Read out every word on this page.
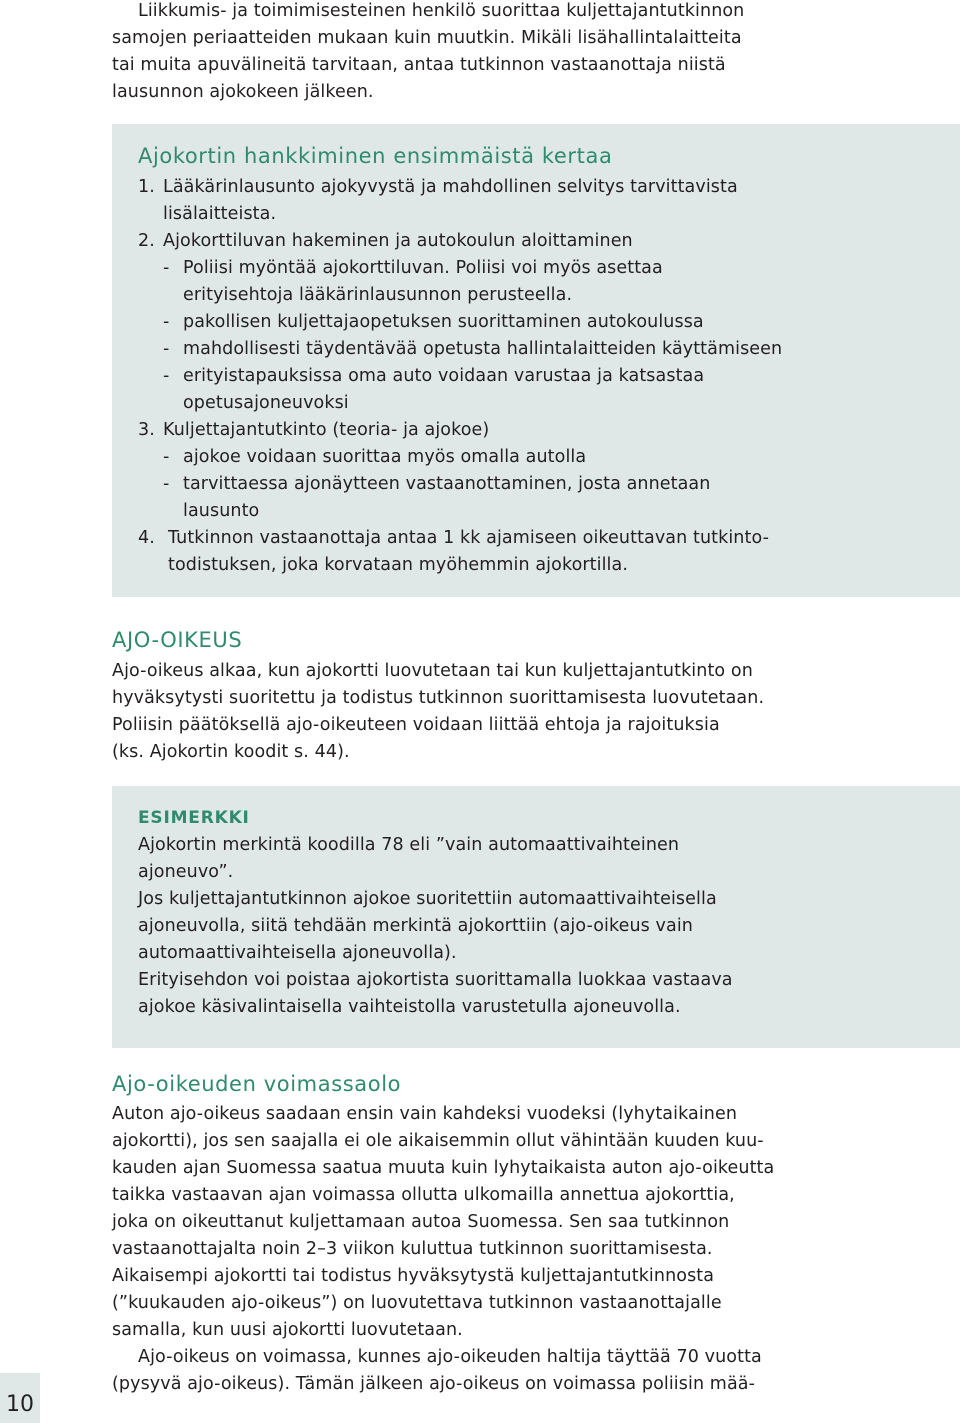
Liikkumis- ja toimimisesteinen henkilö suorittaa kuljettajantutkinnon
samojen periaatteiden mukaan kuin muutkin. Mikäli lisähallintalaitteita
tai muita apuvälineitä tarvitaan, antaa tutkinnon vastaanottaja niistä
lausunnon ajokokeen jälkeen.
Ajokortin hankkiminen ensimmäistä kertaa
1. Lääkärinlausunto ajokyvystä ja mahdollinen selvitys tarvittavista
lisälaitteista.
2. Ajokorttiluvan hakeminen ja autokoulun aloittaminen
- Poliisi myöntää ajokorttiluvan. Poliisi voi myös asettaa
erityisehtoja lääkärinlausunnon perusteella.
- pakollisen kuljettajaopetuksen suorittaminen autokoulussa
- mahdollisesti täydentävää opetusta hallintalaitteiden käyttämiseen
- erityistapauksissa oma auto voidaan varustaa ja katsastaa
opetusajoneuvoksi
3. Kuljettajantutkinto (teoria- ja ajokoe)
- ajokoe voidaan suorittaa myös omalla autolla
- tarvittaessa ajonäytteen vastaanottaminen, josta annetaan
lausunto
4. Tutkinnon vastaanottaja antaa 1 kk ajamiseen oikeuttavan tutkinto-
todistuksen, joka korvataan myöhemmin ajokortilla.
AJO-OIKEUS
Ajo-oikeus alkaa, kun ajokortti luovutetaan tai kun kuljettajantutkinto on
hyväksytysti suoritettu ja todistus tutkinnon suorittamisesta luovutetaan.
Poliisin päätöksellä ajo-oikeuteen voidaan liittää ehtoja ja rajoituksia
(ks. Ajokortin koodit s. 44).
ESIMERKKI
Ajokortin merkintä koodilla 78 eli ”vain automaattivaihteinen
ajoneuvo”.
Jos kuljettajantutkinnon ajokoe suoritettiin automaattivaihteisella
ajoneuvolla, siitä tehdään merkintä ajokorttiin (ajo-oikeus vain
automaattivaihteisella ajoneuvolla).
Erityisehdon voi poistaa ajokortista suorittamalla luokkaa vastaava
ajokoe käsivalintaisella vaihteistolla varustetulla ajoneuvolla.
Ajo-oikeuden voimassaolo
Auton ajo-oikeus saadaan ensin vain kahdeksi vuodeksi (lyhytaikainen
ajokortti), jos sen saajalla ei ole aikaisemmin ollut vähintään kuuden kuu-
kauden ajan Suomessa saatua muuta kuin lyhytaikaista auton ajo-oikeutta
taikka vastaavan ajan voimassa ollutta ulkomailla annettua ajokorttia,
joka on oikeuttanut kuljettamaan autoa Suomessa. Sen saa tutkinnon
vastaanottajalta noin 2–3 viikon kuluttua tutkinnon suorittamisesta.
Aikaisempi ajokortti tai todistus hyväksytystä kuljettajantutkinnosta
(”kuukauden ajo-oikeus”) on luovutettava tutkinnon vastaanottajalle
samalla, kun uusi ajokortti luovutetaan.
Ajo-oikeus on voimassa, kunnes ajo-oikeuden haltija täyttää 70 vuotta
(pysyvä ajo-oikeus). Tämän jälkeen ajo-oikeus on voimassa poliisin mää-
10
